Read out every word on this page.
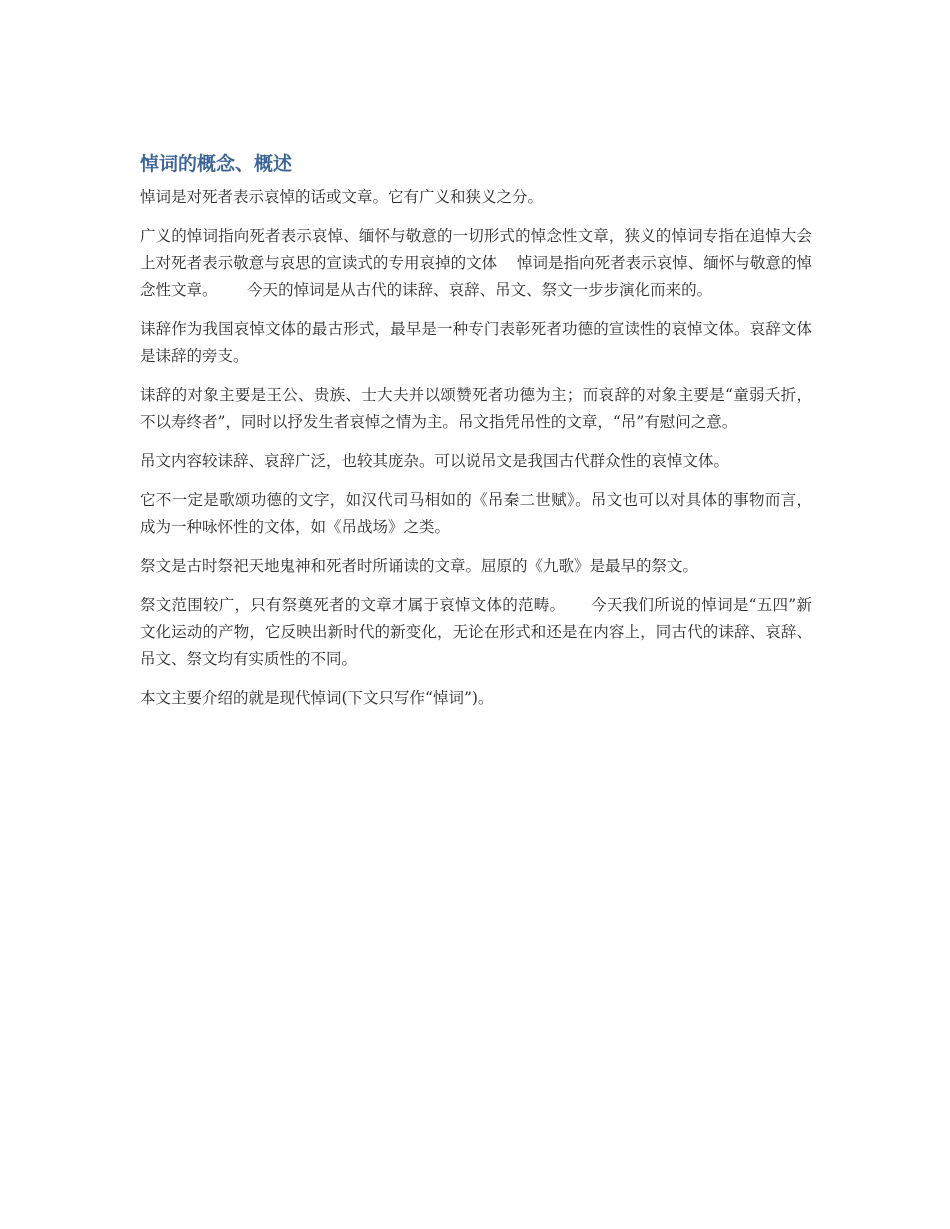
悼词的概念、概述

悼词是对死者表示哀悼的话或文章。它有广义和狭义之分。

广义的悼词指向死者表示哀悼、缅怀与敬意的一切形式的悼念性文章，狭义的悼词专指在追悼大会上对死者表示敬意与哀思的宣读式的专用哀掉的文体    悼词是指向死者表示哀悼、缅怀与敬意的悼念性文章。      今天的悼词是从古代的诔辞、哀辞、吊文、祭文一步步演化而来的。

诔辞作为我国哀悼文体的最古形式，最早是一种专门表彰死者功德的宣读性的哀悼文体。哀辞文体是诔辞的旁支。

诔辞的对象主要是王公、贵族、士大夫并以颂赞死者功德为主；而哀辞的对象主要是“童弱夭折，不以寿终者”，同时以抒发生者哀悼之情为主。吊文指凭吊性的文章，“吊”有慰问之意。

吊文内容较诔辞、哀辞广泛，也较其庞杂。可以说吊文是我国古代群众性的哀悼文体。

它不一定是歌颂功德的文字，如汉代司马相如的《吊秦二世赋》。吊文也可以对具体的事物而言，成为一种咏怀性的文体，如《吊战场》之类。

祭文是古时祭祀天地鬼神和死者时所诵读的文章。屈原的《九歌》是最早的祭文。

祭文范围较广，只有祭奠死者的文章才属于哀悼文体的范畴。     今天我们所说的悼词是“五四”新文化运动的产物，它反映出新时代的新变化，无论在形式和还是在内容上，同古代的诔辞、哀辞、吊文、祭文均有实质性的不同。

本文主要介绍的就是现代悼词(下文只写作“悼词”)。
